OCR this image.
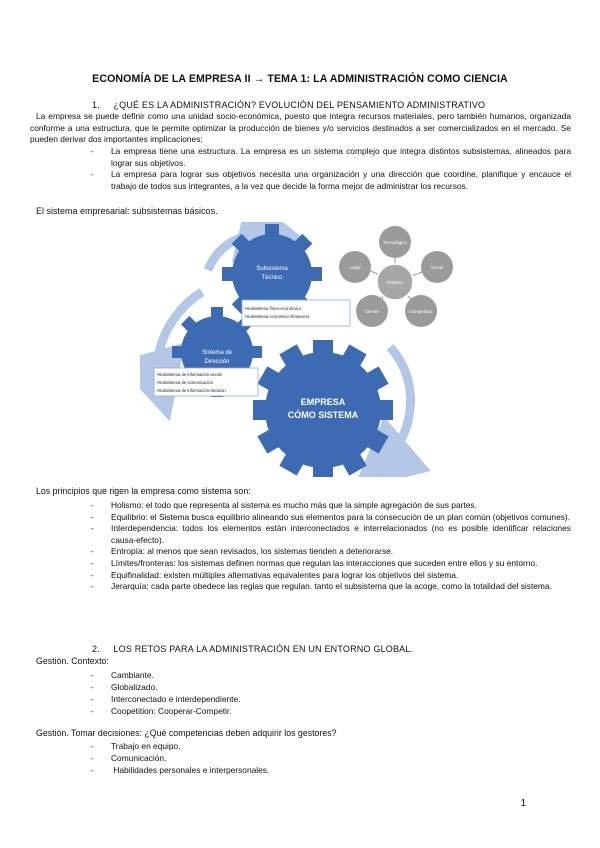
ECONOMÍA DE LA EMPRESA II → TEMA 1: LA ADMINISTRACIÓN COMO CIENCIA
1. ¿QUÉ ES LA ADMINISTRACIÓN? EVOLUCIÓN DEL PENSAMIENTO ADMINISTRATIVO
La empresa se puede definir como una unidad socio-económica, puesto que integra recursos materiales, pero también humanos, organizada conforme a una estructura, que le permite optimizar la producción de bienes y/o servicios destinados a ser comercializados en el mercado. Se pueden derivar dos importantes implicaciones:
- La empresa tiene una estructura. La empresa es un sistema complejo que integra distintos subsistemas, alineados para lograr sus objetivos.
- La empresa para lograr sus objetivos necesita una organización y una dirección que coordine, planifique y encauce el trabajo de todos sus integrantes, a la vez que decide la forma mejor de administrar los recursos.
El sistema empresarial: subsistemas básicos.
Tecnológico
Legal	Social
Cliente	Competidor
Entorno
Subsistema
Técnico
Sistema de
Dirección
EMPRESA
CÓMO SISTEMA
•Subsistema físico-económico
•Subsistema económico-financiero
•Subsistema de información-acción
•Subsistema de comunicación
•Subsistema de información-decisión
Los principios que rigen la empresa como sistema son:
- Holismo: el todo que representa al sistema es mucho más que la simple agregación de sus partes.
- Equilibrio: el Sistema busca equilibrio alineando sus elementos para la consecución de un plan común (objetivos comunes).
- Interdependencia: todos los elementos están interconectados e interrelacionados (no es posible identificar relaciones causa-efecto).
- Entropía: al menos que sean revisados, los sistemas tienden a deteriorarse.
- Límites/fronteras: los sistemas definen normas que regulan las interacciones que suceden entre ellos y su entorno.
- Equifinalidad: existen múltiples alternativas equivalentes para lograr los objetivos del sistema.
- Jerarquía: cada parte obedece las reglas que regulan. tanto el subsistema que la acoge, como la totalidad del sistema.
2. LOS RETOS PARA LA ADMINISTRACIÓN EN UN ENTORNO GLOBAL.
Gestión. Contexto:
- Cambiante.
- Globalizado.
- Interconectado e interdependiente.
- Coopetition: Cooperar-Competir.
Gestión. Tomar decisiones: ¿Qué competencias deben adquirir los gestores?
- Trabajo en equipo.
- Comunicación.
-  Habilidades personales e interpersonales.
1
